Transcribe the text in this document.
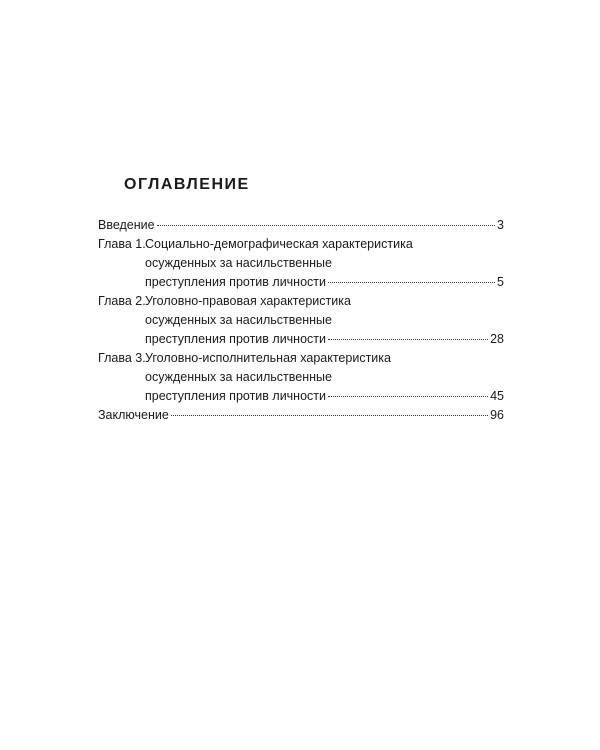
ОГЛАВЛЕНИЕ
Введение	3
Глава 1. Социально-демографическая характеристика
осужденных за насильственные
преступления против личности	5
Глава 2. Уголовно-правовая характеристика
осужденных за насильственные
преступления против личности	28
Глава 3. Уголовно-исполнительная характеристика
осужденных за насильственные
преступления против личности	45
Заключение	96
